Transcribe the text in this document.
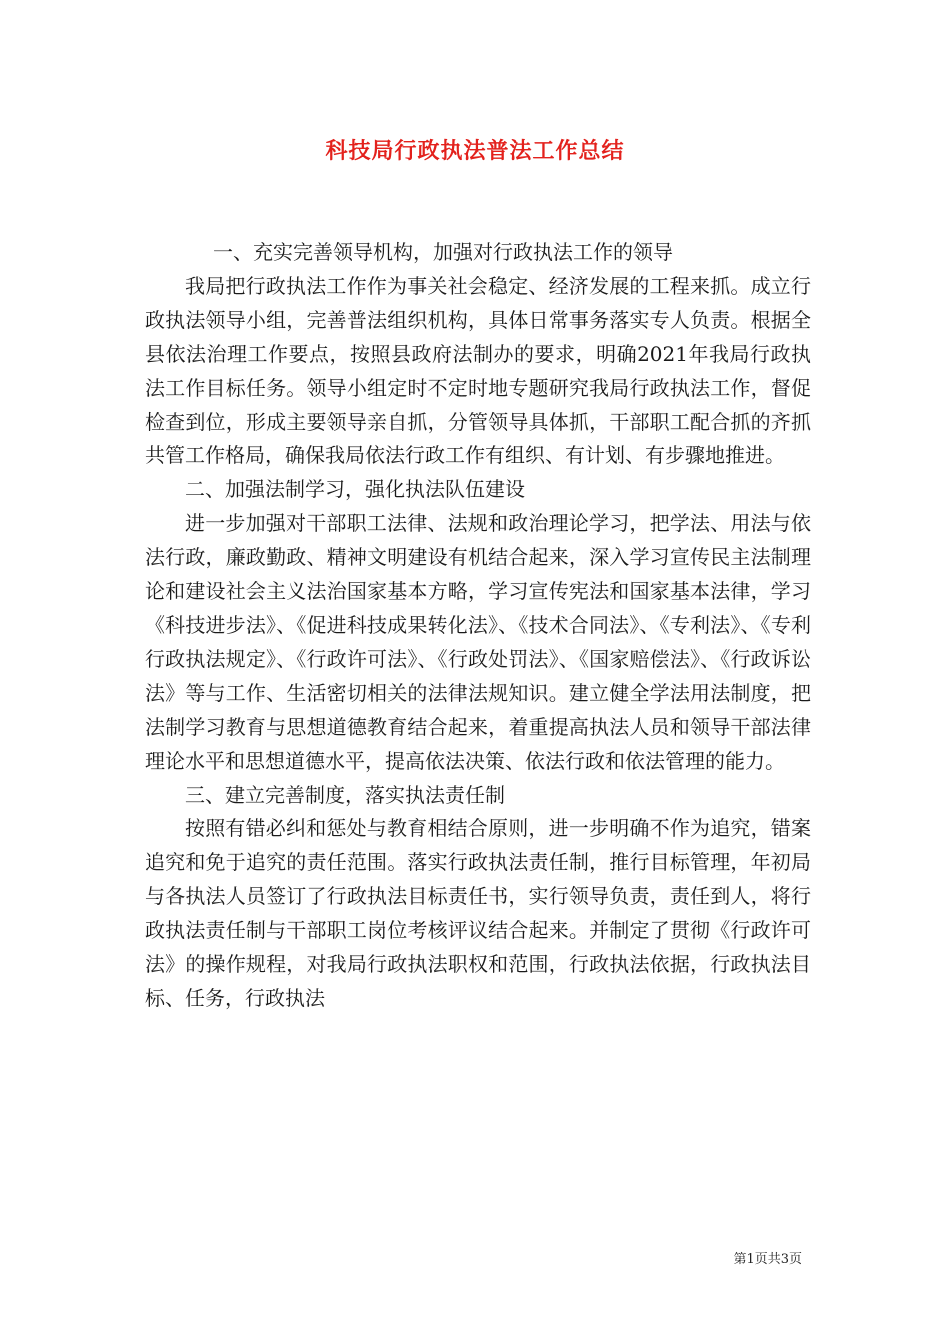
科技局行政执法普法工作总结

一、充实完善领导机构，加强对行政执法工作的领导

我局把行政执法工作作为事关社会稳定、经济发展的工程来抓。成立行政执法领导小组，完善普法组织机构，具体日常事务落实专人负责。根据全县依法治理工作要点，按照县政府法制办的要求，明确2021年我局行政执法工作目标任务。领导小组定时不定时地专题研究我局行政执法工作，督促检查到位，形成主要领导亲自抓，分管领导具体抓，干部职工配合抓的齐抓共管工作格局，确保我局依法行政工作有组织、有计划、有步骤地推进。

二、加强法制学习，强化执法队伍建设

进一步加强对干部职工法律、法规和政治理论学习，把学法、用法与依法行政，廉政勤政、精神文明建设有机结合起来，深入学习宣传民主法制理论和建设社会主义法治国家基本方略，学习宣传宪法和国家基本法律，学习《科技进步法》、《促进科技成果转化法》、《技术合同法》、《专利法》、《专利行政执法规定》、《行政许可法》、《行政处罚法》、《国家赔偿法》、《行政诉讼法》等与工作、生活密切相关的法律法规知识。建立健全学法用法制度，把法制学习教育与思想道德教育结合起来，着重提高执法人员和领导干部法律理论水平和思想道德水平，提高依法决策、依法行政和依法管理的能力。

三、建立完善制度，落实执法责任制

按照有错必纠和惩处与教育相结合原则，进一步明确不作为追究，错案追究和免于追究的责任范围。落实行政执法责任制，推行目标管理，年初局与各执法人员签订了行政执法目标责任书，实行领导负责，责任到人，将行政执法责任制与干部职工岗位考核评议结合起来。并制定了贯彻《行政许可法》的操作规程，对我局行政执法职权和范围，行政执法依据，行政执法目标、任务，行政执法

第1页共3页
